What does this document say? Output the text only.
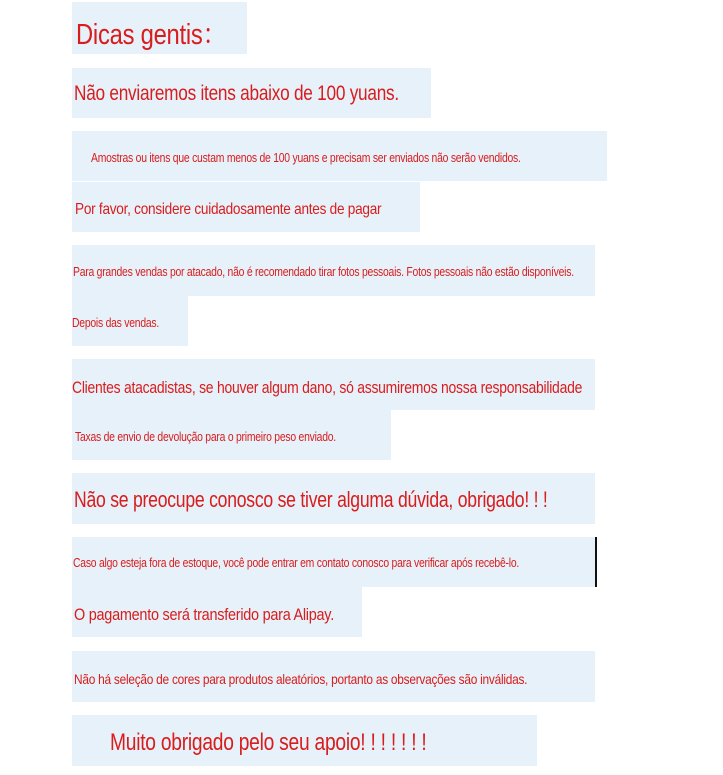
Dicas gentis：
Não enviaremos itens abaixo de 100 yuans.
Amostras ou itens que custam menos de 100 yuans e precisam ser enviados não serão vendidos.
Por favor, considere cuidadosamente antes de pagar
Para grandes vendas por atacado, não é recomendado tirar fotos pessoais. Fotos pessoais não estão disponíveis.
Depois das vendas.
Clientes atacadistas, se houver algum dano, só assumiremos nossa responsabilidade
Taxas de envio de devolução para o primeiro peso enviado.
Não se preocupe conosco se tiver alguma dúvida, obrigado! ! !
Caso algo esteja fora de estoque, você pode entrar em contato conosco para verificar após recebê-lo.
O pagamento será transferido para Alipay.
Não há seleção de cores para produtos aleatórios, portanto as observações são inválidas.
Muito obrigado pelo seu apoio! ! ! ! ! ! !
